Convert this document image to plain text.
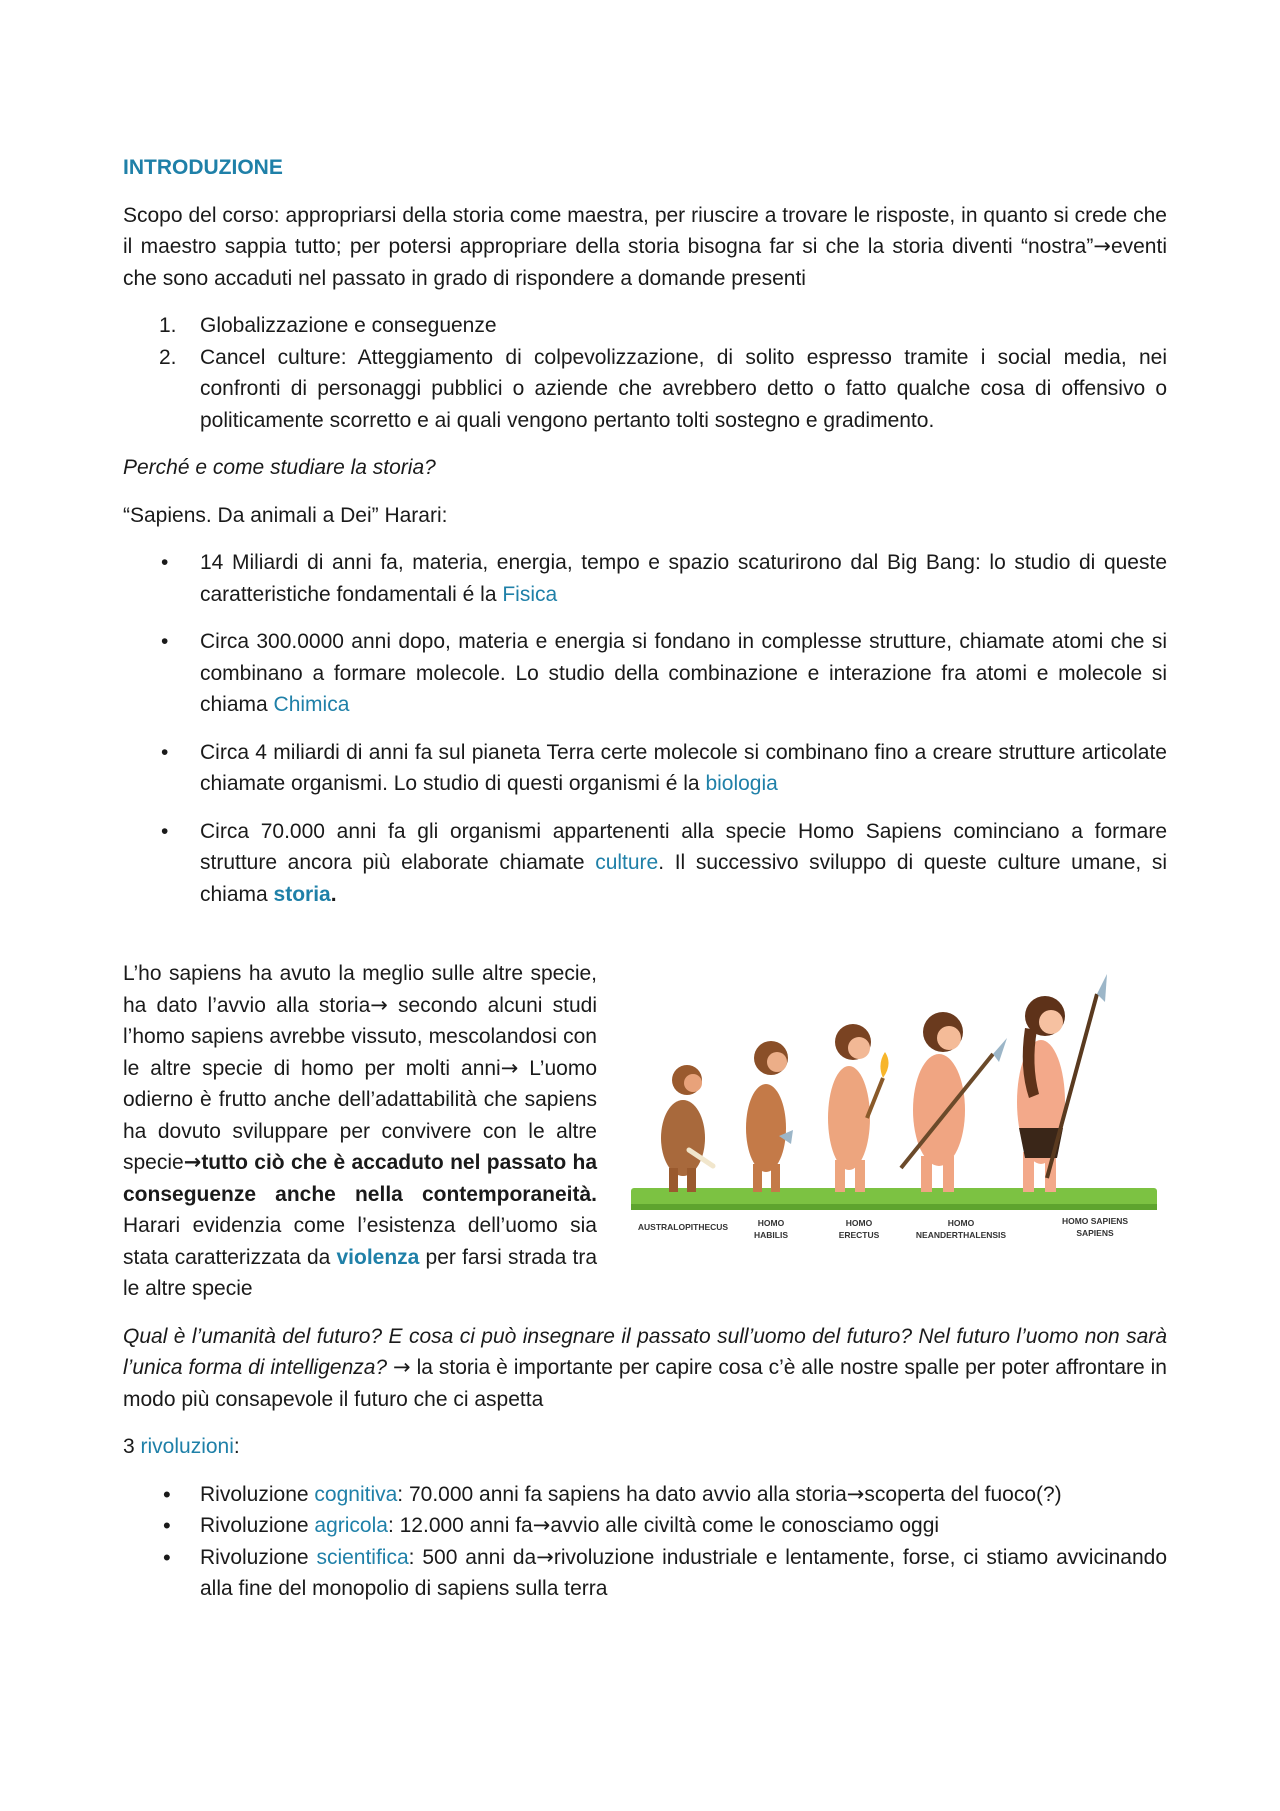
INTRODUZIONE
Scopo del corso: appropriarsi della storia come maestra, per riuscire a trovare le risposte, in quanto si crede che il maestro sappia tutto; per potersi appropriare della storia bisogna far si che la storia diventi “nostra”→eventi che sono accaduti nel passato in grado di rispondere a domande presenti
1. Globalizzazione e conseguenze
2. Cancel culture: Atteggiamento di colpevolizzazione, di solito espresso tramite i social media, nei confronti di personaggi pubblici o aziende che avrebbero detto o fatto qualche cosa di offensivo o politicamente scorretto e ai quali vengono pertanto tolti sostegno e gradimento.
Perché e come studiare la storia?
“Sapiens. Da animali a Dei” Harari:
• 14 Miliardi di anni fa, materia, energia, tempo e spazio scaturirono dal Big Bang: lo studio di queste caratteristiche fondamentali é la Fisica
• Circa 300.0000 anni dopo, materia e energia si fondano in complesse strutture, chiamate atomi che si combinano a formare molecole. Lo studio della combinazione e interazione fra atomi e molecole si chiama Chimica
• Circa 4 miliardi di anni fa sul pianeta Terra certe molecole si combinano fino a creare strutture articolate chiamate organismi. Lo studio di questi organismi é la biologia
• Circa 70.000 anni fa gli organismi appartenenti alla specie Homo Sapiens cominciano a formare strutture ancora più elaborate chiamate culture. Il successivo sviluppo di queste culture umane, si chiama storia.
L’ho sapiens ha avuto la meglio sulle altre specie, ha dato l’avvio alla storia→ secondo alcuni studi l’homo sapiens avrebbe vissuto, mescolandosi con le altre specie di homo per molti anni→ L’uomo odierno è frutto anche dell’adattabilità che sapiens ha dovuto sviluppare per convivere con le altre specie→tutto ciò che è accaduto nel passato ha conseguenze anche nella contemporaneità. Harari evidenzia come l’esistenza dell’uomo sia stata caratterizzata da violenza per farsi strada tra le altre specie
AUSTRALOPITHECUS	HOMO
HABILIS
HOMO
ERECTUS
HOMO
NEANDERTHALENSIS
HOMO SAPIENS
SAPIENS
Qual è l’umanità del futuro? E cosa ci può insegnare il passato sull’uomo del futuro? Nel futuro l’uomo non sarà l’unica forma di intelligenza? → la storia è importante per capire cosa c’è alle nostre spalle per poter affrontare in modo più consapevole il futuro che ci aspetta
3 rivoluzioni:
• Rivoluzione cognitiva: 70.000 anni fa sapiens ha dato avvio alla storia→scoperta del fuoco(?)
• Rivoluzione agricola: 12.000 anni fa→avvio alle civiltà come le conosciamo oggi
• Rivoluzione scientifica: 500 anni da→rivoluzione industriale e lentamente, forse, ci stiamo avvicinando alla fine del monopolio di sapiens sulla terra
